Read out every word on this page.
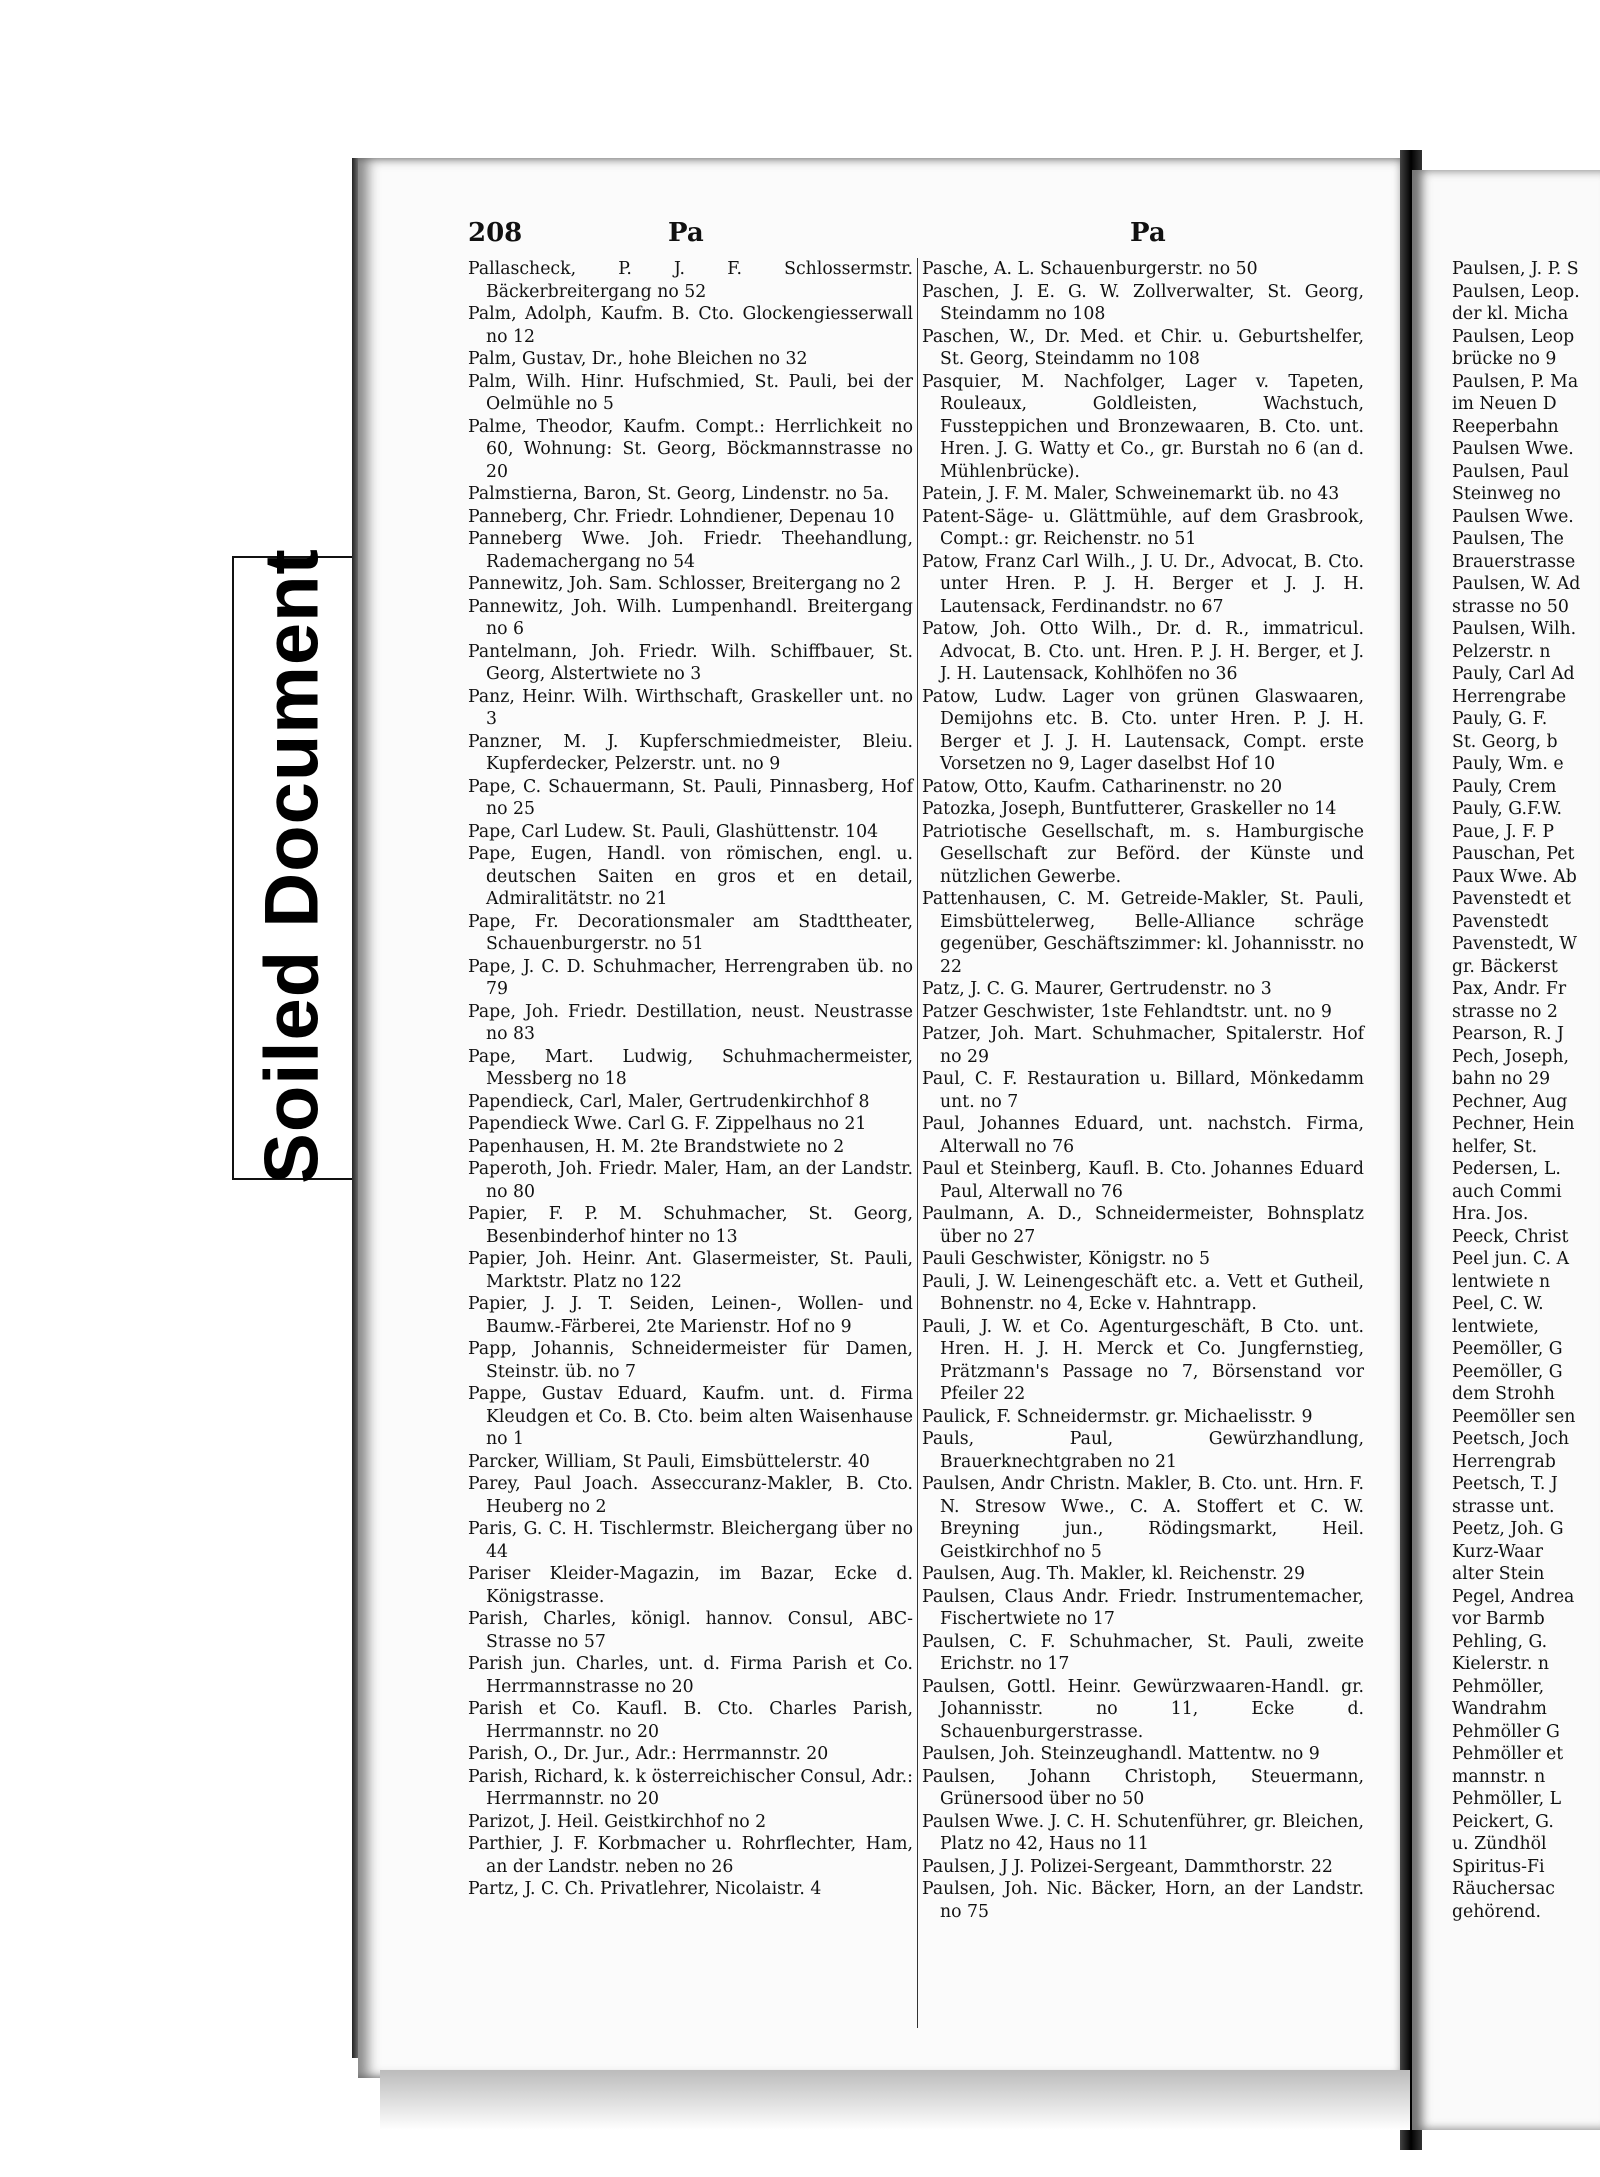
Soiled Document
208	Pa	Pa
Pallascheck, P. J. F. Schlossermstr. Bäckerbreitergang no 52
Palm, Adolph, Kaufm. B. Cto. Glockengiesserwall no 12
Palm, Gustav, Dr., hohe Bleichen no 32
Palm, Wilh. Hinr. Hufschmied, St. Pauli, bei der Oelmühle no 5
Palme, Theodor, Kaufm. Compt.: Herrlichkeit no 60, Wohnung: St. Georg, Böckmannstrasse no 20
Palmstierna, Baron, St. Georg, Lindenstr. no 5a.
Panneberg, Chr. Friedr. Lohndiener, Depenau 10
Panneberg Wwe. Joh. Friedr. Theehandlung, Rademachergang no 54
Pannewitz, Joh. Sam. Schlosser, Breitergang no 2
Pannewitz, Joh. Wilh. Lumpenhandl. Breitergang no 6
Pantelmann, Joh. Friedr. Wilh. Schiffbauer, St. Georg, Alstertwiete no 3
Panz, Heinr. Wilh. Wirthschaft, Graskeller unt. no 3
Panzner, M. J. Kupferschmiedmeister, Bleiu. Kupferdecker, Pelzerstr. unt. no 9
Pape, C. Schauermann, St. Pauli, Pinnasberg, Hof no 25
Pape, Carl Ludew. St. Pauli, Glashüttenstr. 104
Pape, Eugen, Handl. von römischen, engl. u. deutschen Saiten en gros et en detail, Admiralitätstr. no 21
Pape, Fr. Decorationsmaler am Stadttheater, Schauenburgerstr. no 51
Pape, J. C. D. Schuhmacher, Herrengraben üb. no 79
Pape, Joh. Friedr. Destillation, neust. Neustrasse no 83
Pape, Mart. Ludwig, Schuhmachermeister, Messberg no 18
Papendieck, Carl, Maler, Gertrudenkirchhof 8
Papendieck Wwe. Carl G. F. Zippelhaus no 21
Papenhausen, H. M. 2te Brandstwiete no 2
Paperoth, Joh. Friedr. Maler, Ham, an der Landstr. no 80
Papier, F. P. M. Schuhmacher, St. Georg, Besenbinderhof hinter no 13
Papier, Joh. Heinr. Ant. Glasermeister, St. Pauli, Marktstr. Platz no 122
Papier, J. J. T. Seiden, Leinen-, Wollen- und Baumw.-Färberei, 2te Marienstr. Hof no 9
Papp, Johannis, Schneidermeister für Damen, Steinstr. üb. no 7
Pappe, Gustav Eduard, Kaufm. unt. d. Firma Kleudgen et Co. B. Cto. beim alten Waisenhause no 1
Parcker, William, St Pauli, Eimsbüttelerstr. 40
Parey, Paul Joach. Asseccuranz-Makler, B. Cto. Heuberg no 2
Paris, G. C. H. Tischlermstr. Bleichergang über no 44
Pariser Kleider-Magazin, im Bazar, Ecke d. Königstrasse.
Parish, Charles, königl. hannov. Consul, ABC-Strasse no 57
Parish jun. Charles, unt. d. Firma Parish et Co. Herrmannstrasse no 20
Parish et Co. Kaufl. B. Cto. Charles Parish, Herrmannstr. no 20
Parish, O., Dr. Jur., Adr.: Herrmannstr. 20
Parish, Richard, k. k österreichischer Consul, Adr.: Herrmannstr. no 20
Parizot, J. Heil. Geistkirchhof no 2
Parthier, J. F. Korbmacher u. Rohrflechter, Ham, an der Landstr. neben no 26
Partz, J. C. Ch. Privatlehrer, Nicolaistr. 4
Pasche, A. L. Schauenburgerstr. no 50
Paschen, J. E. G. W. Zollverwalter, St. Georg, Steindamm no 108
Paschen, W., Dr. Med. et Chir. u. Geburtshelfer, St. Georg, Steindamm no 108
Pasquier, M. Nachfolger, Lager v. Tapeten, Rouleaux, Goldleisten, Wachstuch, Fussteppichen und Bronzewaaren, B. Cto. unt. Hren. J. G. Watty et Co., gr. Burstah no 6 (an d. Mühlenbrücke).
Patein, J. F. M. Maler, Schweinemarkt üb. no 43
Patent-Säge- u. Glättmühle, auf dem Grasbrook, Compt.: gr. Reichenstr. no 51
Patow, Franz Carl Wilh., J. U. Dr., Advocat, B. Cto. unter Hren. P. J. H. Berger et J. J. H. Lautensack, Ferdinandstr. no 67
Patow, Joh. Otto Wilh., Dr. d. R., immatricul. Advocat, B. Cto. unt. Hren. P. J. H. Berger, et J. J. H. Lautensack, Kohlhöfen no 36
Patow, Ludw. Lager von grünen Glaswaaren, Demijohns etc. B. Cto. unter Hren. P. J. H. Berger et J. J. H. Lautensack, Compt. erste Vorsetzen no 9, Lager daselbst Hof 10
Patow, Otto, Kaufm. Catharinenstr. no 20
Patozka, Joseph, Buntfutterer, Graskeller no 14
Patriotische Gesellschaft, m. s. Hamburgische Gesellschaft zur Beförd. der Künste und nützlichen Gewerbe.
Pattenhausen, C. M. Getreide-Makler, St. Pauli, Eimsbüttelerweg, Belle-Alliance schräge gegenüber, Geschäftszimmer: kl. Johannisstr. no 22
Patz, J. C. G. Maurer, Gertrudenstr. no 3
Patzer Geschwister, 1ste Fehlandtstr. unt. no 9
Patzer, Joh. Mart. Schuhmacher, Spitalerstr. Hof no 29
Paul, C. F. Restauration u. Billard, Mönkedamm unt. no 7
Paul, Johannes Eduard, unt. nachstch. Firma, Alterwall no 76
Paul et Steinberg, Kaufl. B. Cto. Johannes Eduard Paul, Alterwall no 76
Paulmann, A. D., Schneidermeister, Bohnsplatz über no 27
Pauli Geschwister, Königstr. no 5
Pauli, J. W. Leinengeschäft etc. a. Vett et Gutheil, Bohnenstr. no 4, Ecke v. Hahntrapp.
Pauli, J. W. et Co. Agenturgeschäft, B Cto. unt. Hren. H. J. H. Merck et Co. Jungfernstieg, Prätzmann's Passage no 7, Börsenstand vor Pfeiler 22
Paulick, F. Schneidermstr. gr. Michaelisstr. 9
Pauls, Paul, Gewürzhandlung, Brauerknechtgraben no 21
Paulsen, Andr Christn. Makler, B. Cto. unt. Hrn. F. N. Stresow Wwe., C. A. Stoffert et C. W. Breyning jun., Rödingsmarkt, Heil. Geistkirchhof no 5
Paulsen, Aug. Th. Makler, kl. Reichenstr. 29
Paulsen, Claus Andr. Friedr. Instrumentemacher, Fischertwiete no 17
Paulsen, C. F. Schuhmacher, St. Pauli, zweite Erichstr. no 17
Paulsen, Gottl. Heinr. Gewürzwaaren-Handl. gr. Johannisstr. no 11, Ecke d. Schauenburgerstrasse.
Paulsen, Joh. Steinzeughandl. Mattentw. no 9
Paulsen, Johann Christoph, Steuermann, Grünersood über no 50
Paulsen Wwe. J. C. H. Schutenführer, gr. Bleichen, Platz no 42, Haus no 11
Paulsen, J J. Polizei-Sergeant, Dammthorstr. 22
Paulsen, Joh. Nic. Bäcker, Horn, an der Landstr. no 75
Paulsen, J. P. S
Paulsen, Leop.
der kl. Micha
Paulsen, Leop
brücke no 9
Paulsen, P. Ma
im Neuen D
Reeperbahn
Paulsen Wwe.
Paulsen, Paul
Steinweg no
Paulsen Wwe.
Paulsen, The
Brauerstrasse
Paulsen, W. Ad
strasse no 50
Paulsen, Wilh.
Pelzerstr. n
Pauly, Carl Ad
Herrengrabe
Pauly, G. F.
St. Georg, b
Pauly, Wm. e
Pauly, Crem
Pauly, G.F.W.
Paue, J. F. P
Pauschan, Pet
Paux Wwe. Ab
Pavenstedt et
Pavenstedt
Pavenstedt, W
gr. Bäckerst
Pax, Andr. Fr
strasse no 2
Pearson, R. J
Pech, Joseph,
bahn no 29
Pechner, Aug
Pechner, Hein
helfer, St.
Pedersen, L.
auch Commi
Hra. Jos.
Peeck, Christ
Peel jun. C. A
lentwiete n
Peel, C. W.
lentwiete,
Peemöller, G
Peemöller, G
dem Strohh
Peemöller sen
Peetsch, Joch
Herrengrab
Peetsch, T. J
strasse unt.
Peetz, Joh. G
Kurz-Waar
alter Stein
Pegel, Andrea
vor Barmb
Pehling, G.
Kielerstr. n
Pehmöller,
Wandrahm
Pehmöller G
Pehmöller et
mannstr. n
Pehmöller, L
Peickert, G.
u. Zündhöl
Spiritus-Fi
Räuchersac
gehörend.
